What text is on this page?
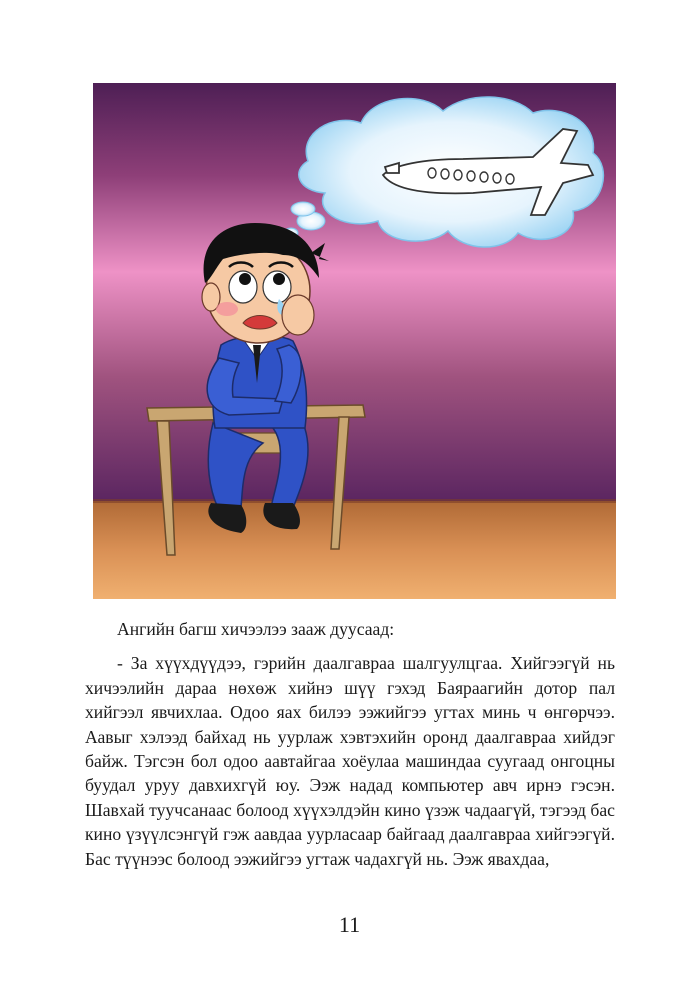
Ангийн багш хичээлээ зааж дуусаад:

- За хүүхдүүдээ, гэрийн даалгавраа шалгуулцгаа. Хийгээгүй нь хичээлийн дараа нөхөж хийнэ шүү гэхэд Баяраагийн дотор пал хийгээл явчихлаа. Одоо яах билээ ээжийгээ угтах минь ч өнгөрчээ. Аавыг хэлээд байхад нь уурлаж хэвтэхийн оронд даалгавраа хийдэг байж. Тэгсэн бол одоо аавтайгаа хоёулаа машиндаа суугаад онгоцны буудал уруу давхихгүй юу. Ээж надад компьютер авч ирнэ гэсэн. Шавхай туучсанаас болоод хүүхэлдэйн кино үзэж чадаагүй, тэгээд бас кино үзүүлсэнгүй гэж аавдаа уурласаар байгаад даалгавраа хийгээгүй. Бас түүнээс болоод ээжийгээ угтаж чадахгүй нь. Ээж явахдаа,

11
